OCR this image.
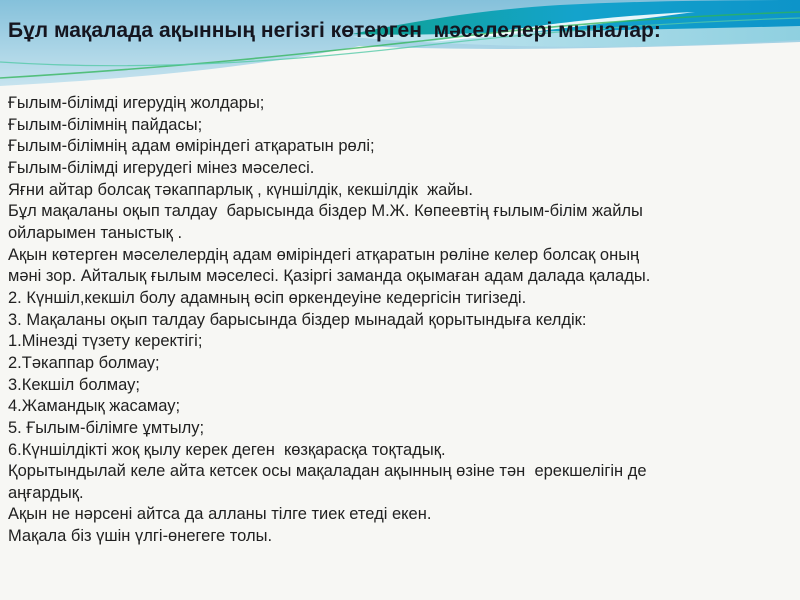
Бұл мақалада ақынның негізгі көтерген  мәселелері мыналар:
Ғылым-білімді игерудің жолдары;
Ғылым-білімнің пайдасы;
Ғылым-білімнің адам өміріндегі атқаратын рөлі;
Ғылым-білімді игерудегі мінез мәселесі.
Яғни айтар болсақ тәкаппарлық , күншілдік, кекшілдік  жайы.
Бұл мақаланы оқып талдау  барысында біздер М.Ж. Көпеевтің ғылым-білім жайлы
ойларымен таныстық .
Ақын көтерген мәселелердің адам өміріндегі атқаратын рөліне келер болсақ оның
мәні зор. Айталық ғылым мәселесі. Қазіргі заманда оқымаған адам далада қалады.
2. Күншіл,кекшіл болу адамның өсіп өркендеуіне кедергісін тигізеді.
3. Мақаланы оқып талдау барысында біздер мынадай қорытындыға келдік:
1.Мінезді түзету керектігі;
2.Тәкаппар болмау;
3.Кекшіл болмау;
4.Жамандық жасамау;
5. Ғылым-білімге ұмтылу;
6.Күншілдікті жоқ қылу керек деген  көзқарасқа тоқтадық.
Қорытындылай келе айта кетсек осы мақаладан ақынның өзіне тән  ерекшелігін де
аңғардық.
Ақын не нәрсені айтса да алланы тілге тиек етеді екен.
Мақала біз үшін үлгі-өнегеге толы.
